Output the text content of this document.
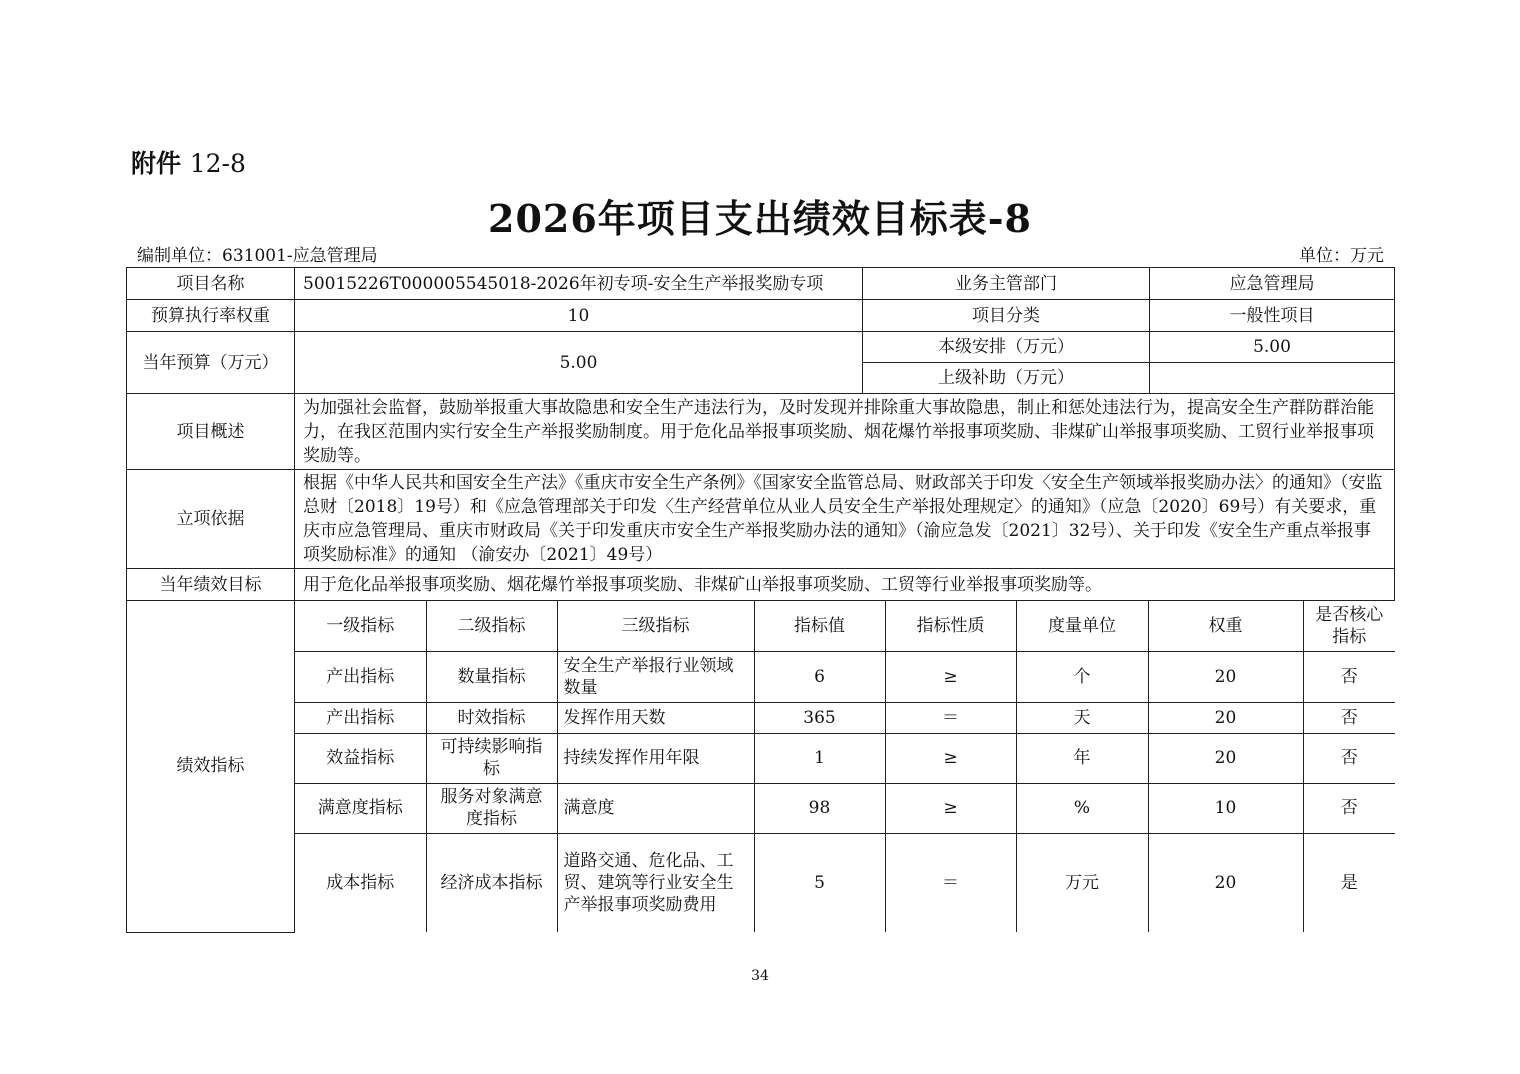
附件 12-8
2026年项目支出绩效目标表-8
编制单位：631001-应急管理局	单位：万元
项目名称	50015226T000005545018-2026年初专项-安全生产举报奖励专项	业务主管部门	应急管理局
预算执行率权重	10	项目分类	一般性项目
当年预算（万元）	5.00	本级安排（万元）	5.00
上级补助（万元）	
项目概述	为加强社会监督，鼓励举报重大事故隐患和安全生产违法行为，及时发现并排除重大事故隐患，制止和惩处违法行为，提高安全生产群防群治能力，在我区范围内实行安全生产举报奖励制度。用于危化品举报事项奖励、烟花爆竹举报事项奖励、非煤矿山举报事项奖励、工贸行业举报事项奖励等。
立项依据	根据《中华人民共和国安全生产法》《重庆市安全生产条例》《国家安全监管总局、财政部关于印发〈安全生产领域举报奖励办法〉的通知》（安监总财〔2018〕19号）和《应急管理部关于印发〈生产经营单位从业人员安全生产举报处理规定〉的通知》（应急〔2020〕69号）有关要求，重庆市应急管理局、重庆市财政局《关于印发重庆市安全生产举报奖励办法的通知》（渝应急发〔2021〕32号）、关于印发《安全生产重点举报事项奖励标准》的通知 （渝安办〔2021〕49号）
当年绩效目标	用于危化品举报事项奖励、烟花爆竹举报事项奖励、非煤矿山举报事项奖励、工贸等行业举报事项奖励等。
绩效指标	
一级指标	二级指标	三级指标	指标值	指标性质	度量单位	权重	是否核心指标
产出指标	数量指标	安全生产举报行业领域数量	6	≥	个	20	否
产出指标	时效指标	发挥作用天数	365	＝	天	20	否
效益指标	可持续影响指标	持续发挥作用年限	1	≥	年	20	否
满意度指标	服务对象满意度指标	满意度	98	≥	%	10	否
成本指标	经济成本指标	道路交通、危化品、工贸、建筑等行业安全生产举报事项奖励费用	5	＝	万元	20	是
34
